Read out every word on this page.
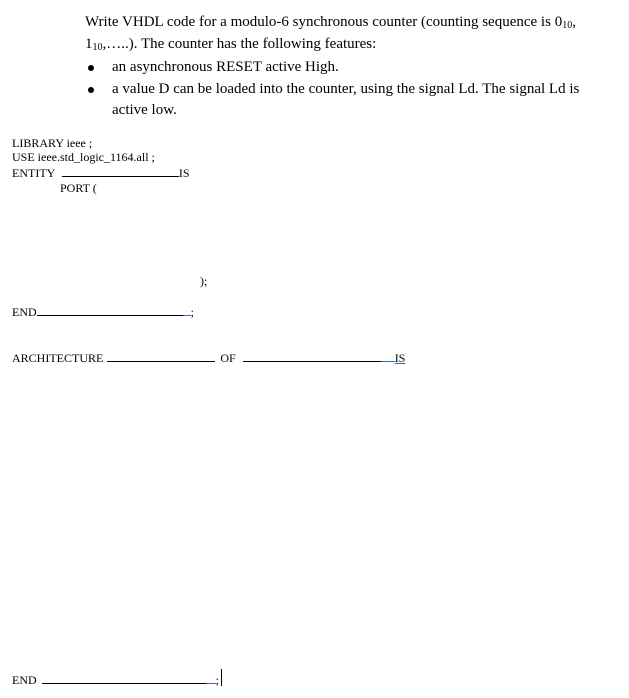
Write VHDL code for a modulo-6 synchronous counter (counting sequence is $0_{10}$,
$1_{10},\dots$..). The counter has the following features:
an asynchronous RESET active High.
a value D can be loaded into the counter, using the signal Ld. The signal Ld is
active low.
LIBRARY ieee ;
USE ieee.std_logic_1164.all ;
ENTITY	IS
PORT (
);
END	;
ARCHITECTURE	OF	IS
END	;
